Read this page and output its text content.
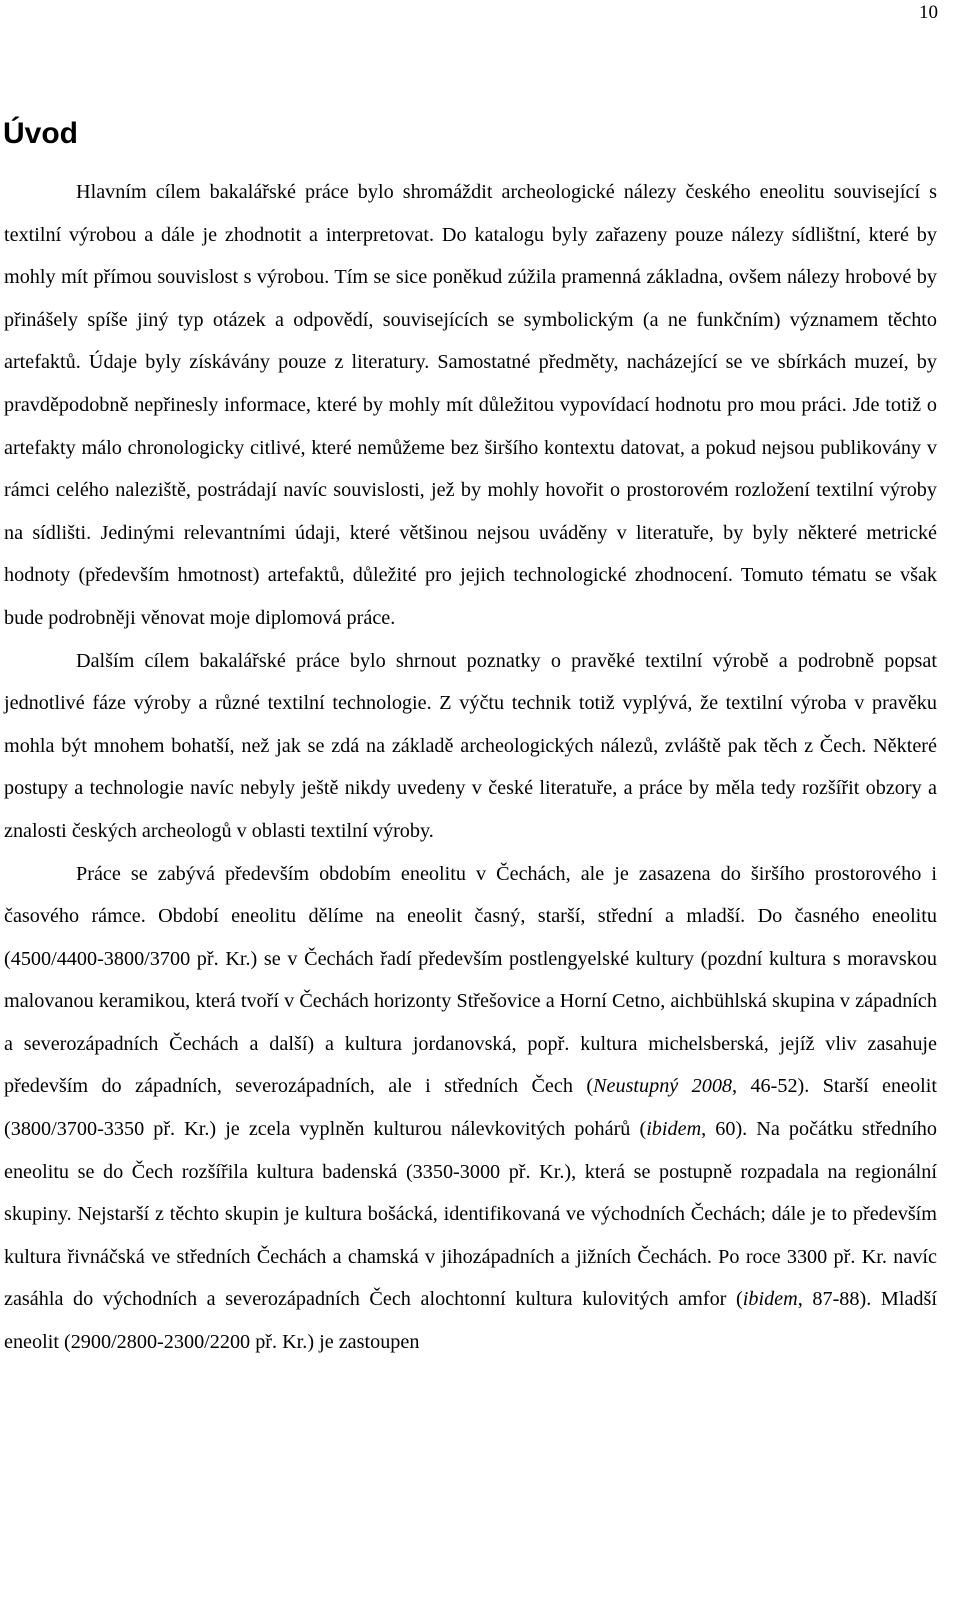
10
Úvod

Hlavním cílem bakalářské práce bylo shromáždit archeologické nálezy českého eneolitu související s textilní výrobou a dále je zhodnotit a interpretovat. Do katalogu byly zařazeny pouze nálezy sídlištní, které by mohly mít přímou souvislost s výrobou. Tím se sice poněkud zúžila pramenná základna, ovšem nálezy hrobové by přinášely spíše jiný typ otázek a odpovědí, souvisejících se symbolickým (a ne funkčním) významem těchto artefaktů. Údaje byly získávány pouze z literatury. Samostatné předměty, nacházející se ve sbírkách muzeí, by pravděpodobně nepřinesly informace, které by mohly mít důležitou vypovídací hodnotu pro mou práci. Jde totiž o artefakty málo chronologicky citlivé, které nemůžeme bez širšího kontextu datovat, a pokud nejsou publikovány v rámci celého naleziště, postrádají navíc souvislosti, jež by mohly hovořit o prostorovém rozložení textilní výroby na sídlišti. Jedinými relevantními údaji, které většinou nejsou uváděny v literatuře, by byly některé metrické hodnoty (především hmotnost) artefaktů, důležité pro jejich technologické zhodnocení. Tomuto tématu se však bude podrobněji věnovat moje diplomová práce.

Dalším cílem bakalářské práce bylo shrnout poznatky o pravěké textilní výrobě a podrobně popsat jednotlivé fáze výroby a různé textilní technologie. Z výčtu technik totiž vyplývá, že textilní výroba v pravěku mohla být mnohem bohatší, než jak se zdá na základě archeologických nálezů, zvláště pak těch z Čech. Některé postupy a technologie navíc nebyly ještě nikdy uvedeny v české literatuře, a práce by měla tedy rozšířit obzory a znalosti českých archeologů v oblasti textilní výroby.

Práce se zabývá především obdobím eneolitu v Čechách, ale je zasazena do širšího prostorového i časového rámce. Období eneolitu dělíme na eneolit časný, starší, střední a mladší. Do časného eneolitu (4500/4400-3800/3700 př. Kr.) se v Čechách řadí především postlengyelské kultury (pozdní kultura s moravskou malovanou keramikou, která tvoří v Čechách horizonty Střešovice a Horní Cetno, aichbühlská skupina v západních a severozápadních Čechách a další) a kultura jordanovská, popř. kultura michelsberská, jejíž vliv zasahuje především do západních, severozápadních, ale i středních Čech (Neustupný 2008, 46-52). Starší eneolit (3800/3700-3350 př. Kr.) je zcela vyplněn kulturou nálevkovitých pohárů (ibidem, 60). Na počátku středního eneolitu se do Čech rozšířila kultura badenská (3350-3000 př. Kr.), která se postupně rozpadala na regionální skupiny. Nejstarší z těchto skupin je kultura bošácká, identifikovaná ve východních Čechách; dále je to především kultura řivnáčská ve středních Čechách a chamská v jihozápadních a jižních Čechách. Po roce 3300 př. Kr. navíc zasáhla do východních a severozápadních Čech alochtonní kultura kulovitých amfor (ibidem, 87-88). Mladší eneolit (2900/2800-2300/2200 př. Kr.) je zastoupen
